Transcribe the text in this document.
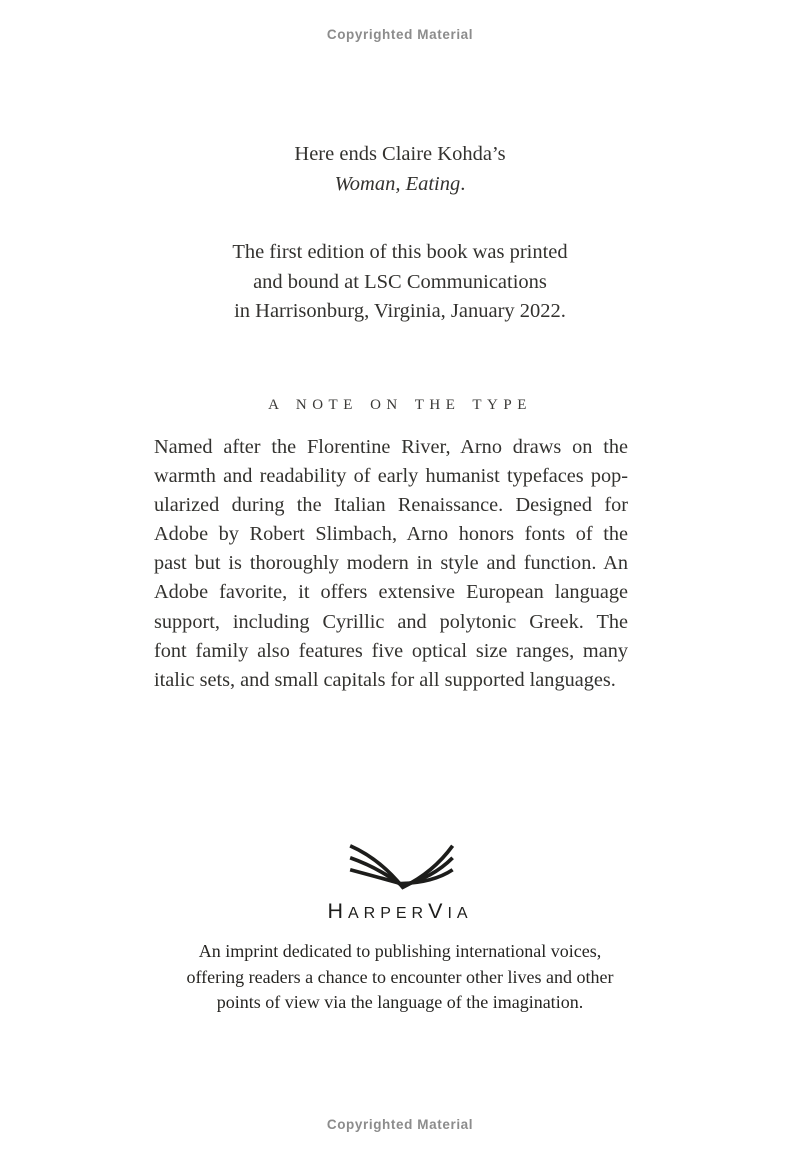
Copyrighted Material
Here ends Claire Kohda’s
Woman, Eating.
The first edition of this book was printed
and bound at LSC Communications
in Harrisonburg, Virginia, January 2022.
A NOTE ON THE TYPE
Named after the Florentine River, Arno draws on the
warmth and readability of early humanist typefaces pop-
ularized during the Italian Renaissance. Designed for
Adobe by Robert Slimbach, Arno honors fonts of the
past but is thoroughly modern in style and function. An
Adobe favorite, it offers extensive European language
support, including Cyrillic and polytonic Greek. The
font family also features five optical size ranges, many
italic sets, and small capitals for all supported languages.
HARPERVIA
An imprint dedicated to publishing international voices,
offering readers a chance to encounter other lives and other
points of view via the language of the imagination.
Copyrighted Material
